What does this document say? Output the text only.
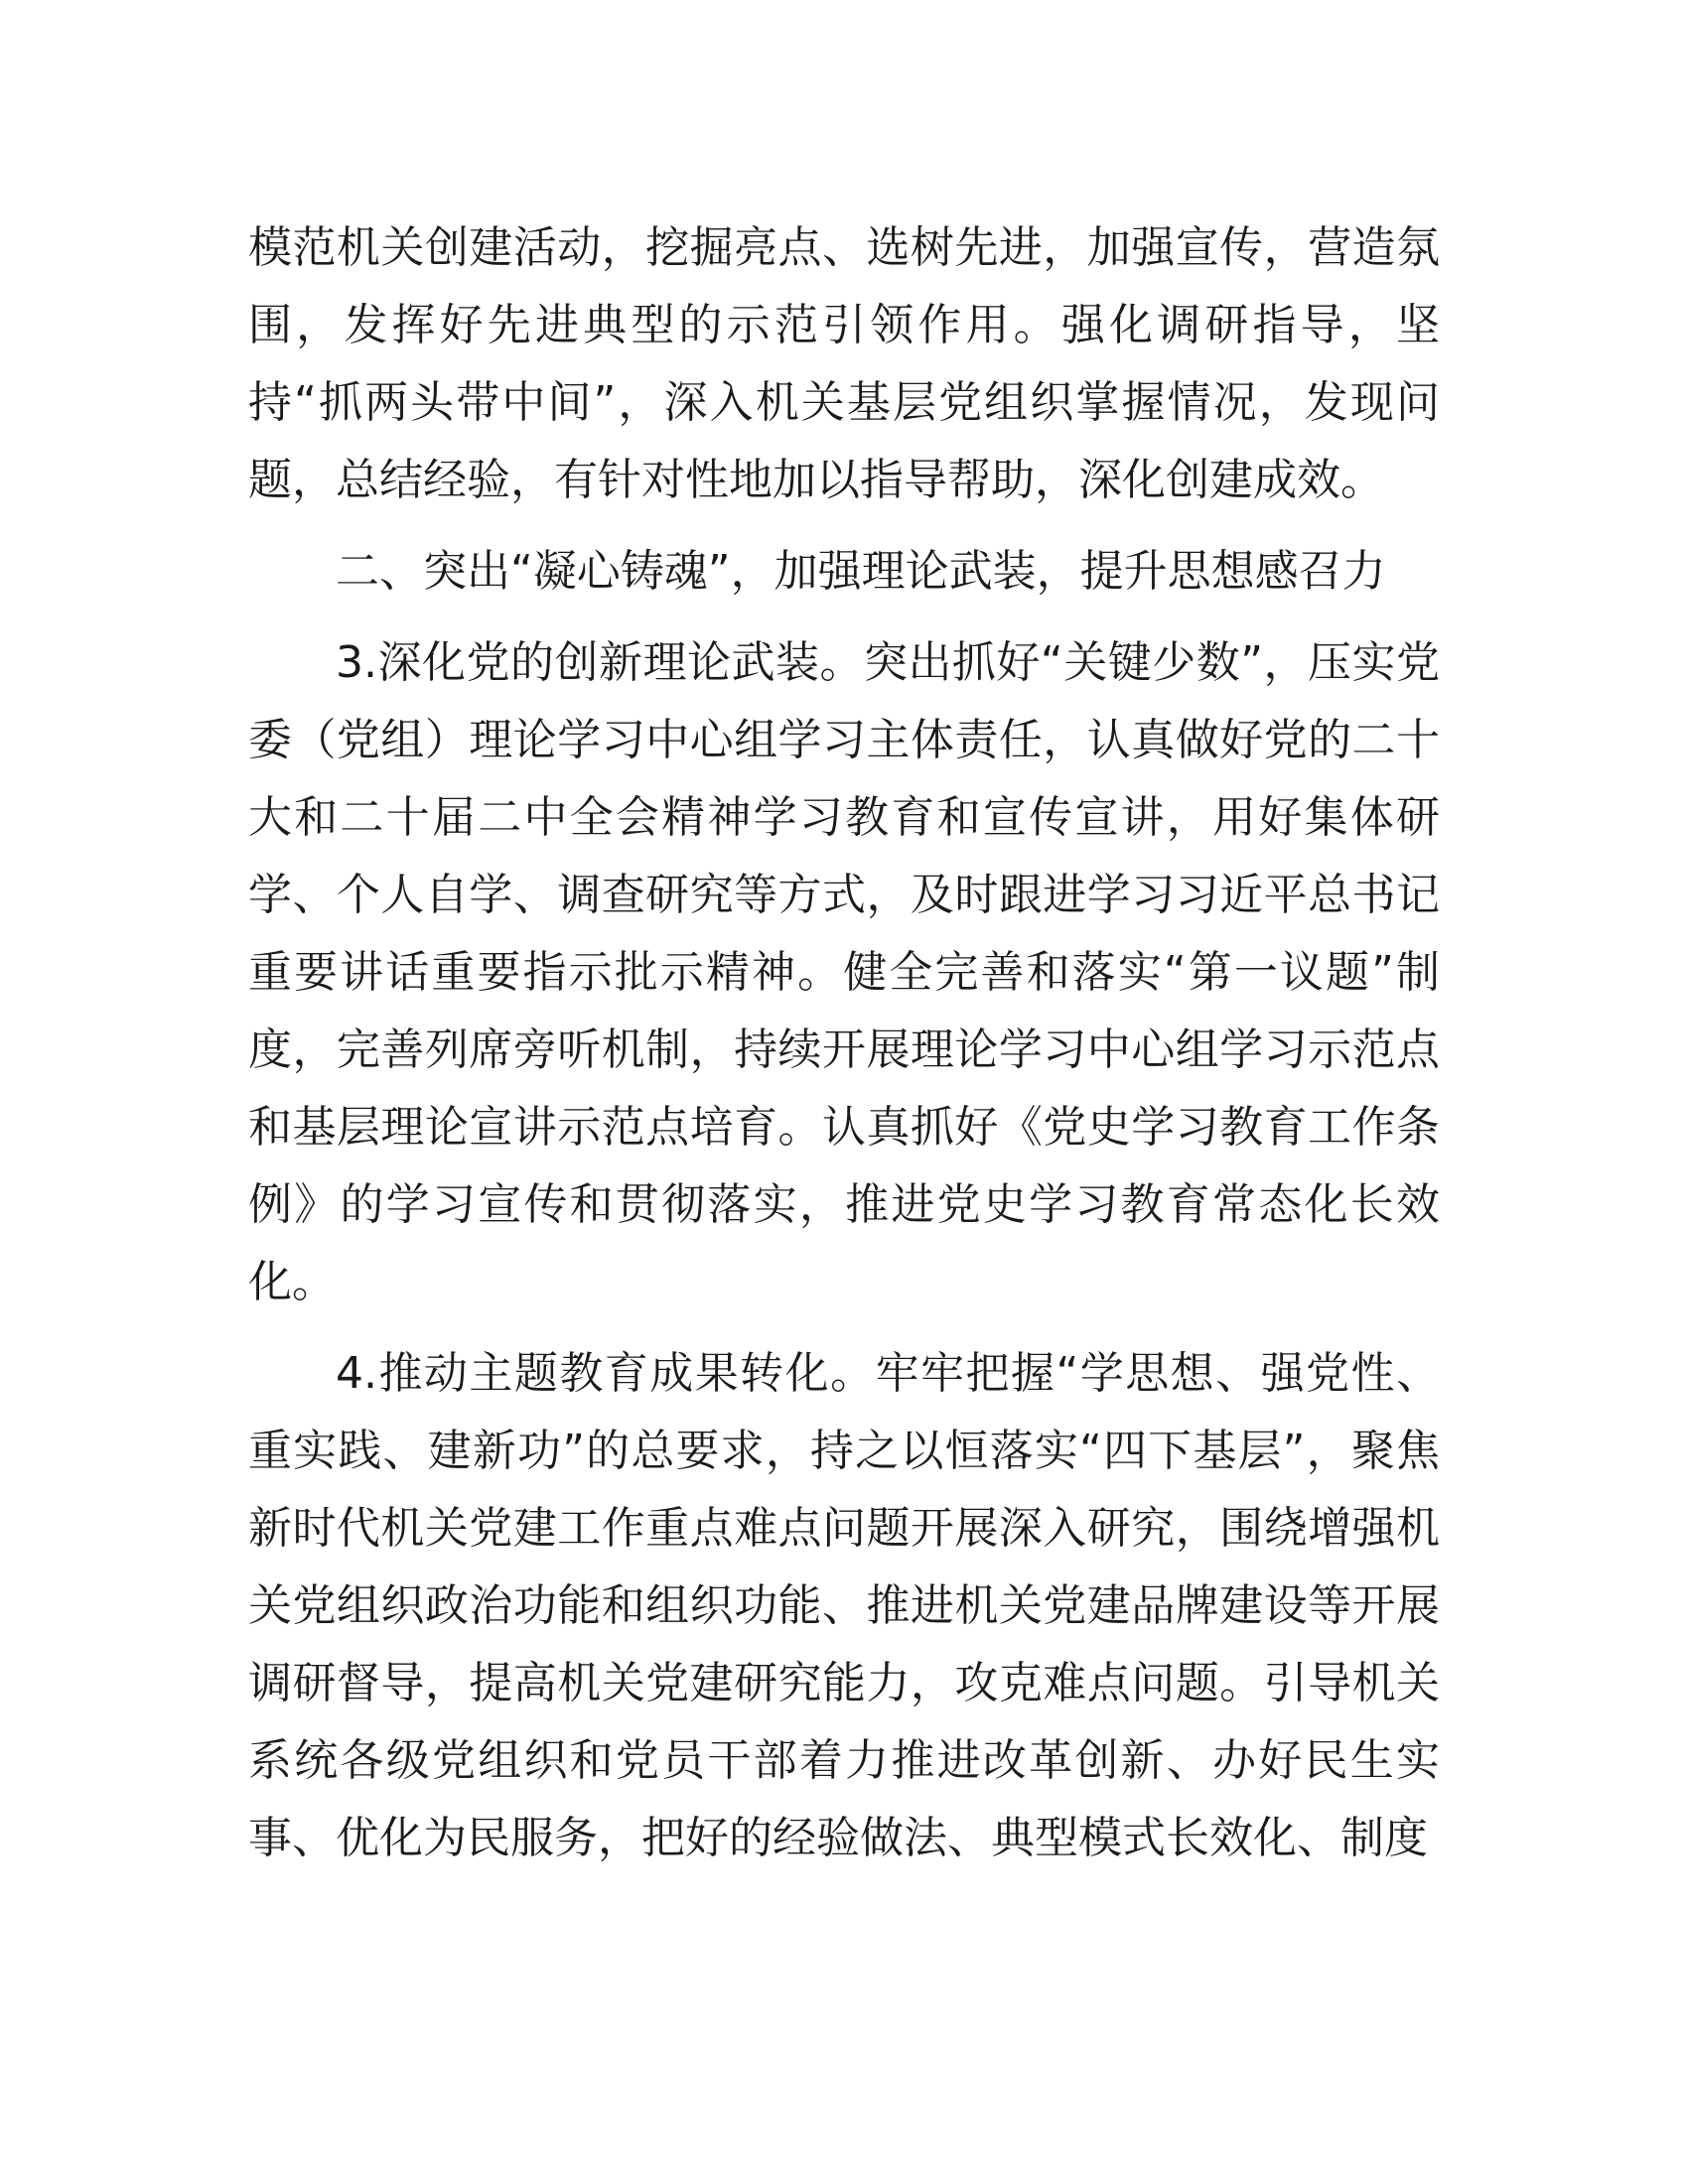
模范机关创建活动，挖掘亮点、选树先进，加强宣传，营造氛围，发挥好先进典型的示范引领作用。强化调研指导，坚持“抓两头带中间”，深入机关基层党组织掌握情况，发现问题，总结经验，有针对性地加以指导帮助，深化创建成效。

二、突出“凝心铸魂”，加强理论武装，提升思想感召力

3.深化党的创新理论武装。突出抓好“关键少数”，压实党委（党组）理论学习中心组学习主体责任，认真做好党的二十大和二十届二中全会精神学习教育和宣传宣讲，用好集体研学、个人自学、调查研究等方式，及时跟进学习习近平总书记重要讲话重要指示批示精神。健全完善和落实“第一议题”制度，完善列席旁听机制，持续开展理论学习中心组学习示范点和基层理论宣讲示范点培育。认真抓好《党史学习教育工作条例》的学习宣传和贯彻落实，推进党史学习教育常态化长效化。

4.推动主题教育成果转化。牢牢把握“学思想、强党性、重实践、建新功”的总要求，持之以恒落实“四下基层”，聚焦新时代机关党建工作重点难点问题开展深入研究，围绕增强机关党组织政治功能和组织功能、推进机关党建品牌建设等开展调研督导，提高机关党建研究能力，攻克难点问题。引导机关系统各级党组织和党员干部着力推进改革创新、办好民生实事、优化为民服务，把好的经验做法、典型模式长效化、制度
